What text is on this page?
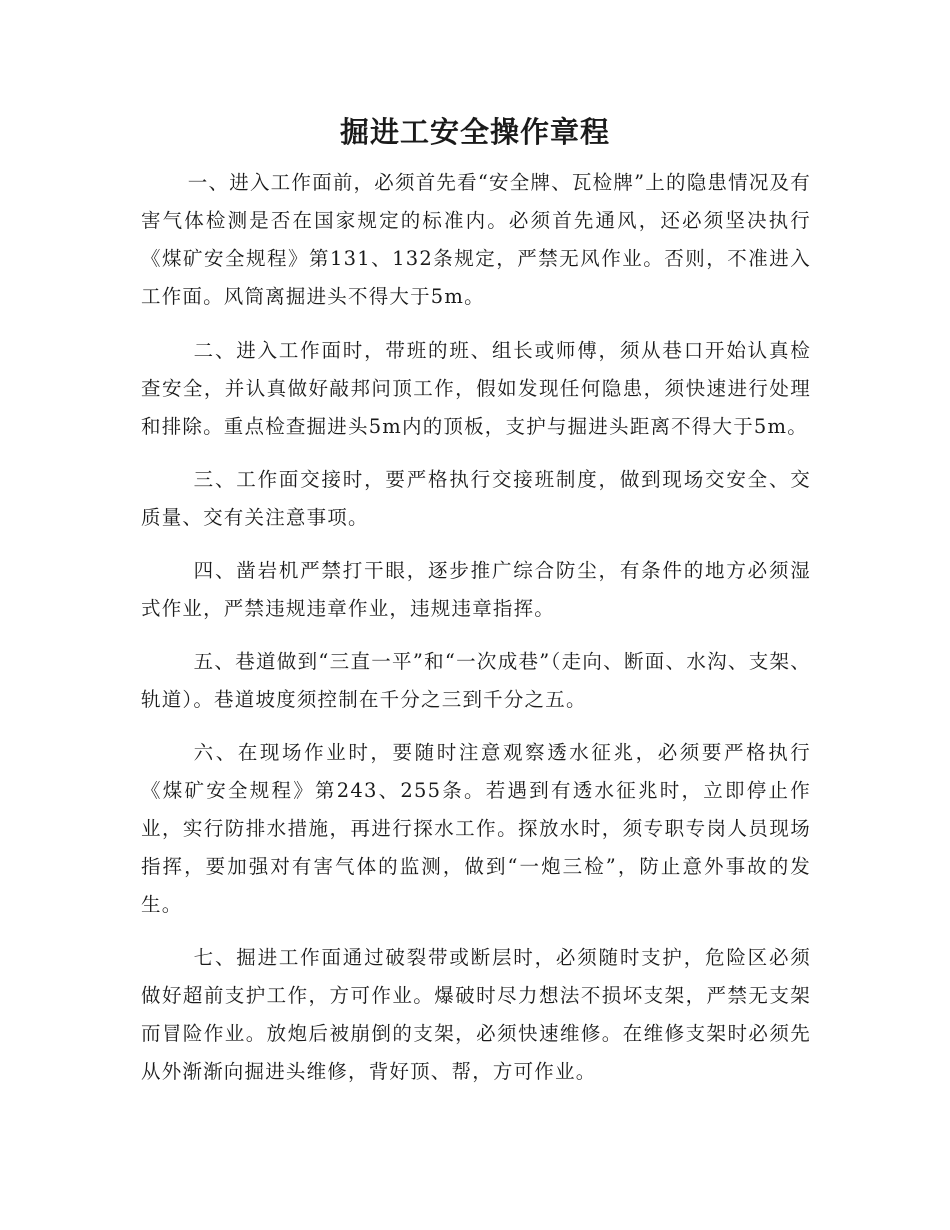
掘进工安全操作章程

一、进入工作面前，必须首先看“安全牌、瓦检牌”上的隐患情况及有害气体检测是否在国家规定的标准内。必须首先通风，还必须坚决执行《煤矿安全规程》第131、132条规定，严禁无风作业。否则，不准进入工作面。风筒离掘进头不得大于5m。

二、进入工作面时，带班的班、组长或师傅，须从巷口开始认真检查安全，并认真做好敲邦问顶工作，假如发现任何隐患，须快速进行处理和排除。重点检查掘进头5m内的顶板，支护与掘进头距离不得大于5m。

三、工作面交接时，要严格执行交接班制度，做到现场交安全、交质量、交有关注意事项。

四、凿岩机严禁打干眼，逐步推广综合防尘，有条件的地方必须湿式作业，严禁违规违章作业，违规违章指挥。

五、巷道做到“三直一平”和“一次成巷”（走向、断面、水沟、支架、轨道）。巷道坡度须控制在千分之三到千分之五。

六、在现场作业时，要随时注意观察透水征兆，必须要严格执行《煤矿安全规程》第243、255条。若遇到有透水征兆时，立即停止作业，实行防排水措施，再进行探水工作。探放水时，须专职专岗人员现场指挥，要加强对有害气体的监测，做到“一炮三检”，防止意外事故的发生。

七、掘进工作面通过破裂带或断层时，必须随时支护，危险区必须做好超前支护工作，方可作业。爆破时尽力想法不损坏支架，严禁无支架而冒险作业。放炮后被崩倒的支架，必须快速维修。在维修支架时必须先从外渐渐向掘进头维修，背好顶、帮，方可作业。
